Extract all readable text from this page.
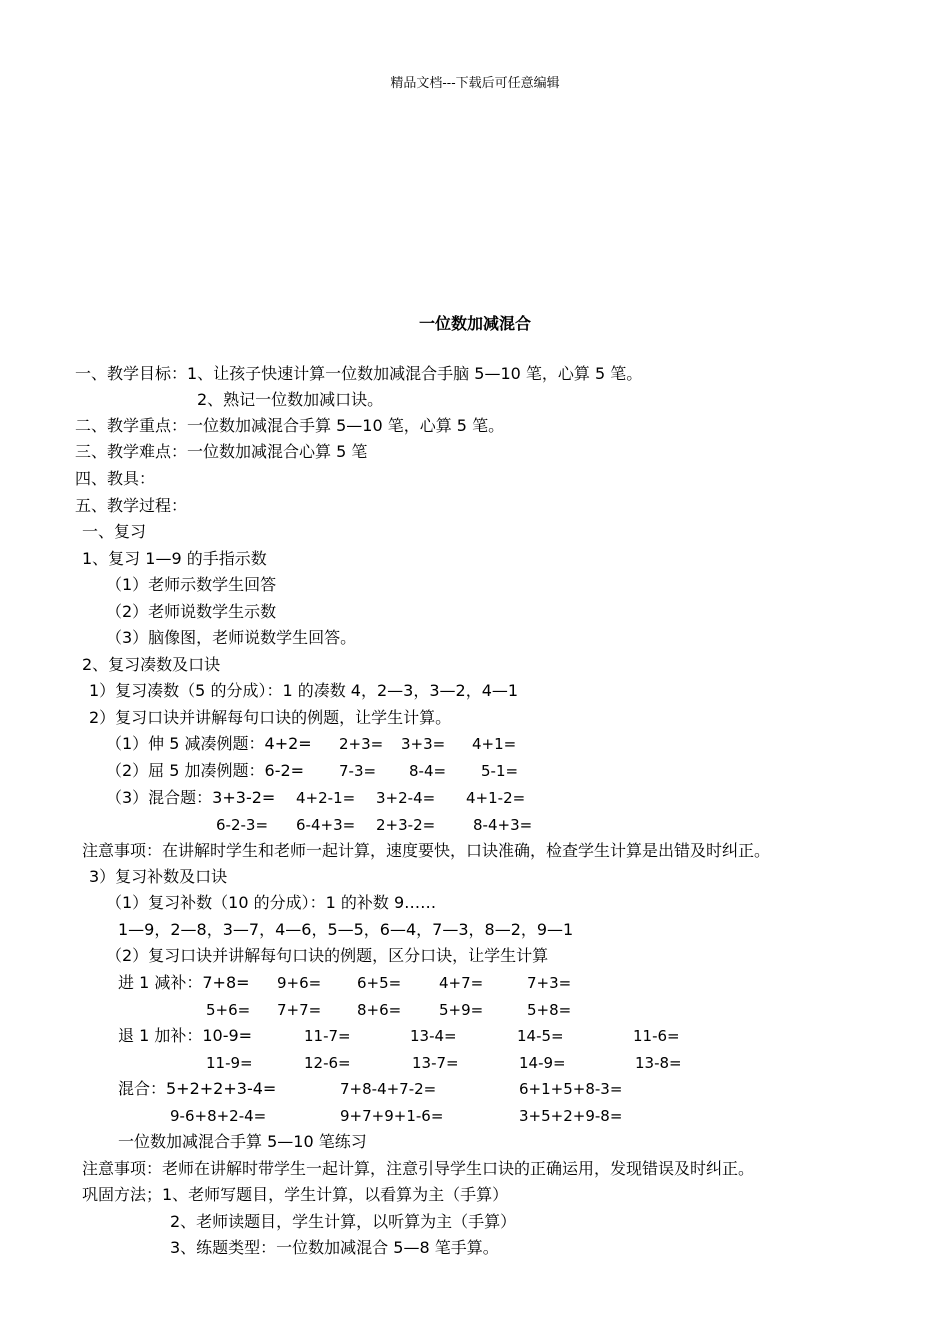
精品文档---下载后可任意编辑
一位数加减混合
一、教学目标：1、让孩子快速计算一位数加减混合手脑 5—10 笔，心算 5 笔。
2、熟记一位数加减口诀。
二、教学重点：一位数加减混合手算 5—10 笔，心算 5 笔。
三、教学难点：一位数加减混合心算 5 笔
四、教具：
五、教学过程：
一、复习
1、复习 1—9 的手指示数
（1）老师示数学生回答
（2）老师说数学生示数
（3）脑像图，老师说数学生回答。
2、复习凑数及口诀
1）复习凑数（5 的分成）：1 的凑数 4，2—3，3—2，4—1
2）复习口诀并讲解每句口诀的例题，让学生计算。
（1）伸 5 减凑例题：4+2= 2+3= 3+3= 4+1=
（2）屈 5 加凑例题：6-2= 7-3= 8-4= 5-1=
（3）混合题：3+3-2= 4+2-1= 3+2-4= 4+1-2=
6-2-3= 6-4+3= 2+3-2=	8-4+3=
注意事项：在讲解时学生和老师一起计算，速度要快，口诀准确，检查学生计算是出错及时纠正。
3）复习补数及口诀
（1）复习补数（10 的分成）：1 的补数 9……
1—9，2—8，3—7，4—6，5—5，6—4，7—3，8—2，9—1
（2）复习口诀并讲解每句口诀的例题，区分口诀，让学生计算
进 1 减补：7+8= 9+6= 6+5=	4+7=	7+3=
5+6= 7+7= 8+6=	5+9=	5+8=
退 1 加补：10-9=	11-7=	13-4=	14-5=	11-6=
11-9=	12-6=	13-7=	14-9=	13-8=
混合：5+2+2+3-4=	7+8-4+7-2=	6+1+5+8-3=
9-6+8+2-4=	9+7+9+1-6=	3+5+2+9-8=
一位数加减混合手算 5—10 笔练习
注意事项：老师在讲解时带学生一起计算，注意引导学生口诀的正确运用，发现错误及时纠正。
巩固方法；1、老师写题目，学生计算，以看算为主（手算）
2、老师读题目，学生计算，以听算为主（手算）
3、练题类型：一位数加减混合 5—8 笔手算。
